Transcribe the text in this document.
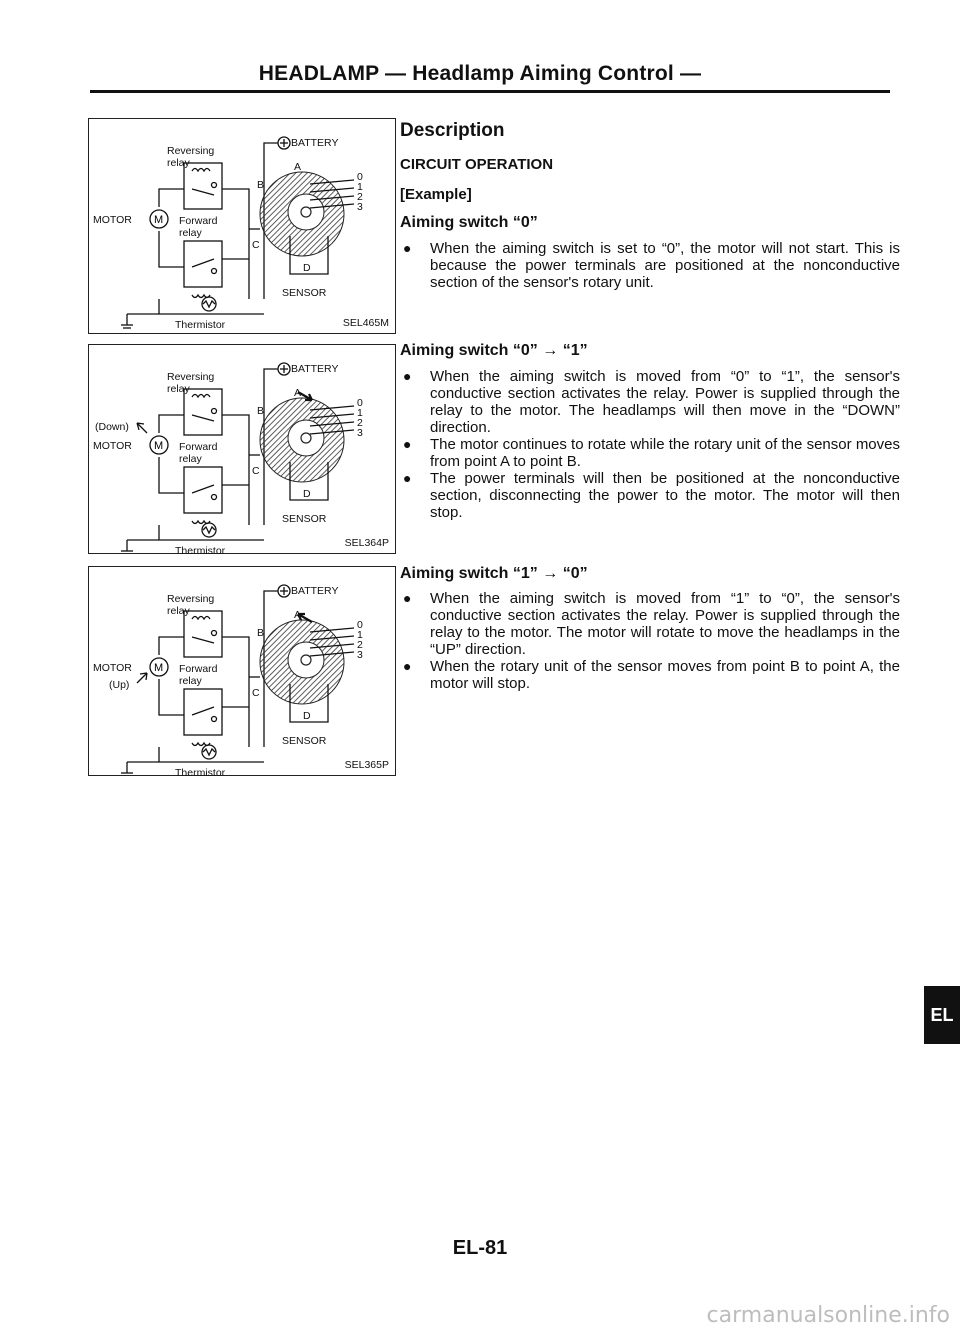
HEADLAMP — Headlamp Aiming Control —
M
BATTERY
Reversing
relay
Forward
relay
MOTOR
Thermistor
SENSOR
A
B
C
D
0
1
2
3
SEL465M
M
BATTERY
Reversing
relay
Forward
relay
MOTOR
(Down)
Thermistor
SENSOR
A
B
C
D
0
1
2
3
SEL364P
M
BATTERY
Reversing
relay
Forward
relay
MOTOR
(Up)
Thermistor
SENSOR
A
B
C
D
0
1
2
3
SEL365P
Description
CIRCUIT OPERATION
[Example]
Aiming switch “0”
● When the aiming switch is set to “0”, the motor will not start. This is because the power terminals are positioned at the nonconductive section of the sensor's rotary unit.
Aiming switch “0” → “1”
● When the aiming switch is moved from “0” to “1”, the sensor's conductive section activates the relay. Power is supplied through the relay to the motor. The headlamps will then move in the “DOWN” direction.
● The motor continues to rotate while the rotary unit of the sensor moves from point A to point B.
● The power terminals will then be positioned at the nonconductive section, disconnecting the power to the motor. The motor will then stop.
Aiming switch “1” → “0”
● When the aiming switch is moved from “1” to “0”, the sensor's conductive section activates the relay. Power is supplied through the relay to the motor. The motor will rotate to move the headlamps in the “UP” direction.
● When the rotary unit of the sensor moves from point B to point A, the motor will stop.
EL
EL-81
carmanualsonline.info
